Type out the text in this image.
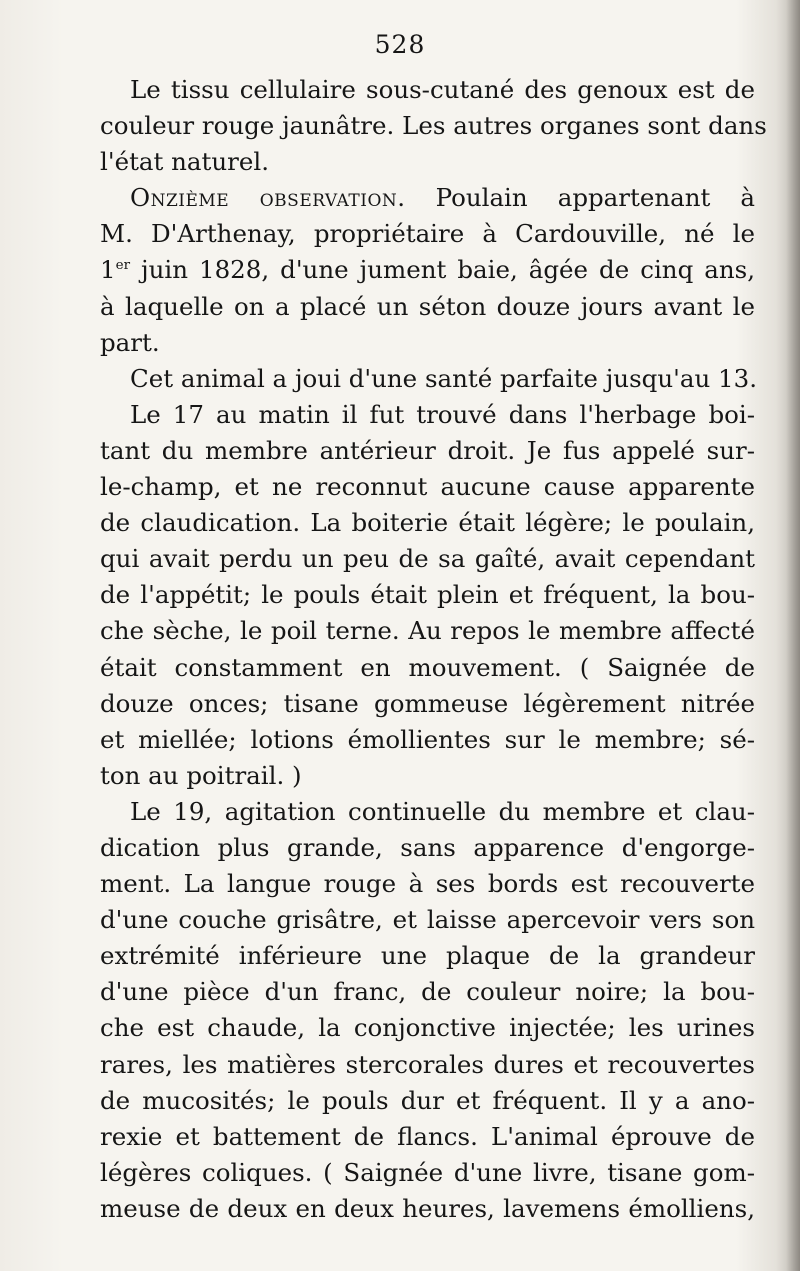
528
Le tissu cellulaire sous-cutané des genoux est de
couleur rouge jaunâtre. Les autres organes sont dans
l'état naturel.
Onzième observation. Poulain appartenant à
M. D'Arthenay, propriétaire à Cardouville, né le
1er juin 1828, d'une jument baie, âgée de cinq ans,
à laquelle on a placé un séton douze jours avant le
part.
Cet animal a joui d'une santé parfaite jusqu'au 13.
Le 17 au matin il fut trouvé dans l'herbage boi-
tant du membre antérieur droit. Je fus appelé sur-
le-champ, et ne reconnut aucune cause apparente
de claudication. La boiterie était légère; le poulain,
qui avait perdu un peu de sa gaîté, avait cependant
de l'appétit; le pouls était plein et fréquent, la bou-
che sèche, le poil terne. Au repos le membre affecté
était constamment en mouvement. ( Saignée de
douze onces; tisane gommeuse légèrement nitrée
et miellée; lotions émollientes sur le membre; sé-
ton au poitrail. )
Le 19, agitation continuelle du membre et clau-
dication plus grande, sans apparence d'engorge-
ment. La langue rouge à ses bords est recouverte
d'une couche grisâtre, et laisse apercevoir vers son
extrémité inférieure une plaque de la grandeur
d'une pièce d'un franc, de couleur noire; la bou-
che est chaude, la conjonctive injectée; les urines
rares, les matières stercorales dures et recouvertes
de mucosités; le pouls dur et fréquent. Il y a ano-
rexie et battement de flancs. L'animal éprouve de
légères coliques. ( Saignée d'une livre, tisane gom-
meuse de deux en deux heures, lavemens émolliens,
